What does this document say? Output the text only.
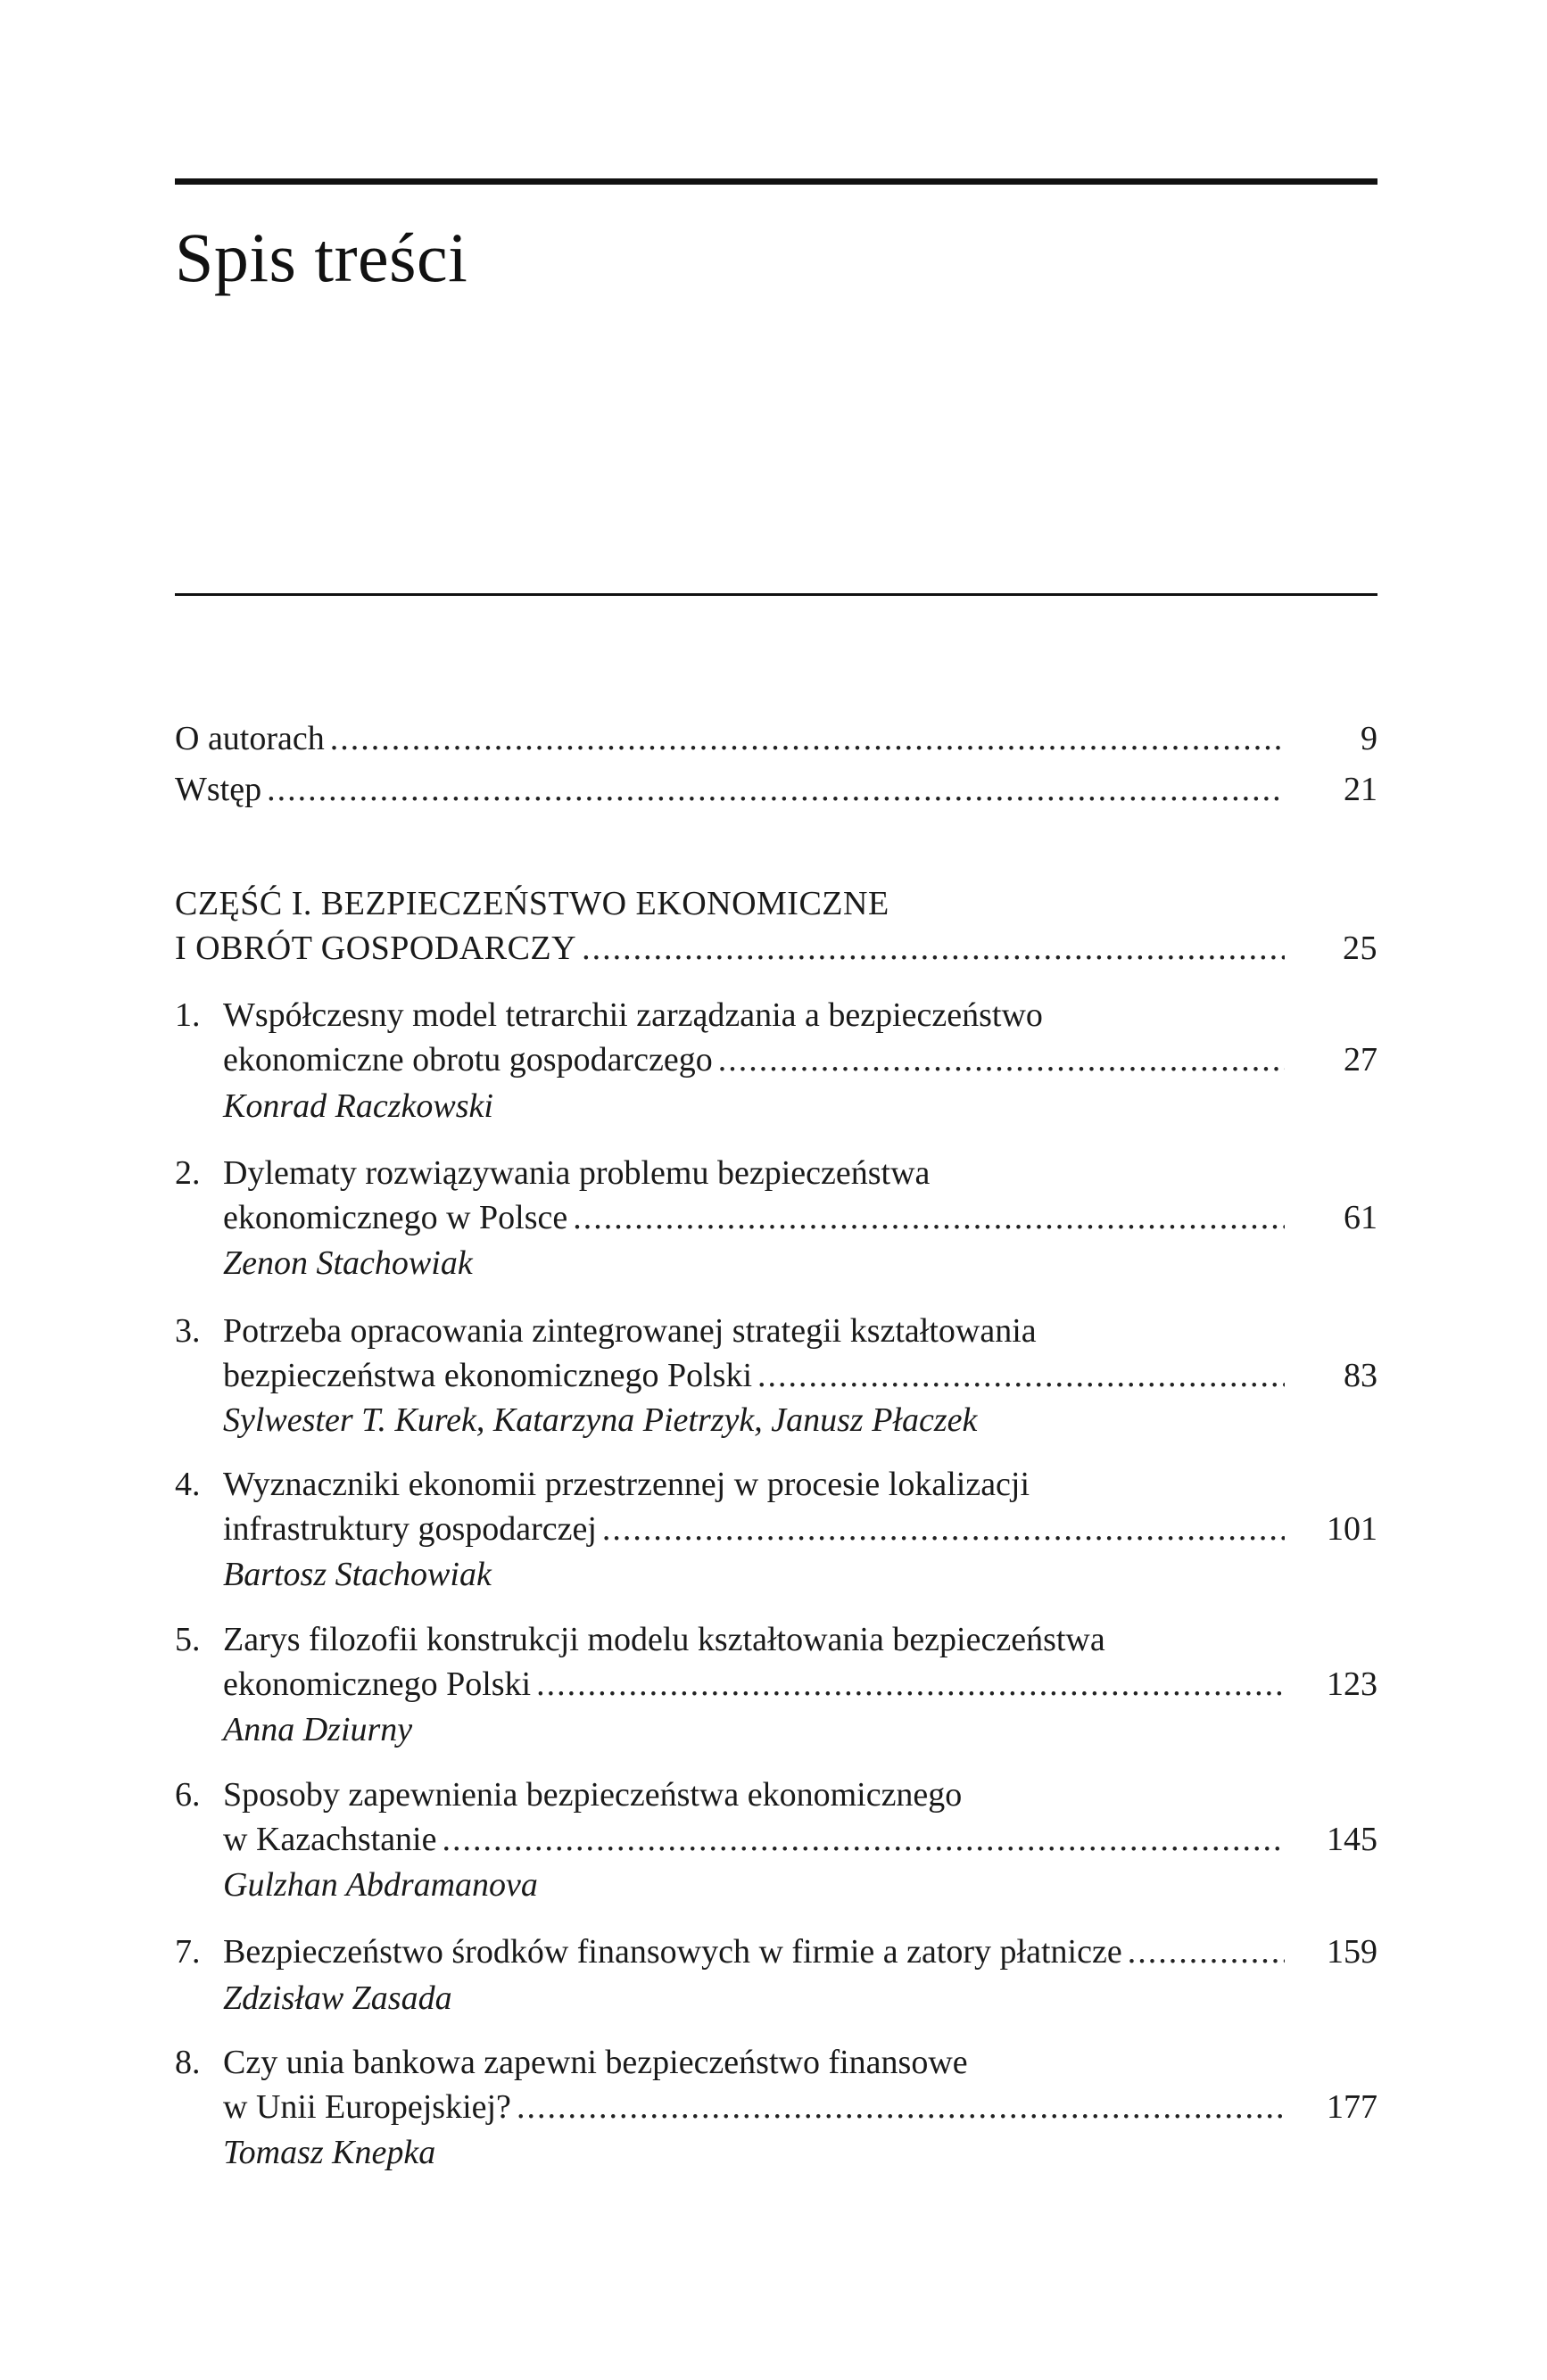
Spis treści
O autorach .....	9
Wstęp .....	21
CZĘŚĆ I. BEZPIECZEŃSTWO EKONOMICZNE
I OBRÓT GOSPODARCZY .....	25
1. Współczesny model tetrarchii zarządzania a bezpieczeństwo
ekonomiczne obrotu gospodarczego .....	27
Konrad Raczkowski
2. Dylematy rozwiązywania problemu bezpieczeństwa
ekonomicznego w Polsce .....	61
Zenon Stachowiak
3. Potrzeba opracowania zintegrowanej strategii kształtowania
bezpieczeństwa ekonomicznego Polski .....	83
Sylwester T. Kurek, Katarzyna Pietrzyk, Janusz Płaczek
4. Wyznaczniki ekonomii przestrzennej w procesie lokalizacji
infrastruktury gospodarczej .....	101
Bartosz Stachowiak
5. Zarys filozofii konstrukcji modelu kształtowania bezpieczeństwa
ekonomicznego Polski .....	123
Anna Dziurny
6. Sposoby zapewnienia bezpieczeństwa ekonomicznego
w Kazachstanie .....	145
Gulzhan Abdramanova
7. Bezpieczeństwo środków finansowych w firmie a zatory płatnicze .....	159
Zdzisław Zasada
8. Czy unia bankowa zapewni bezpieczeństwo finansowe
w Unii Europejskiej? .....	177
Tomasz Knepka
